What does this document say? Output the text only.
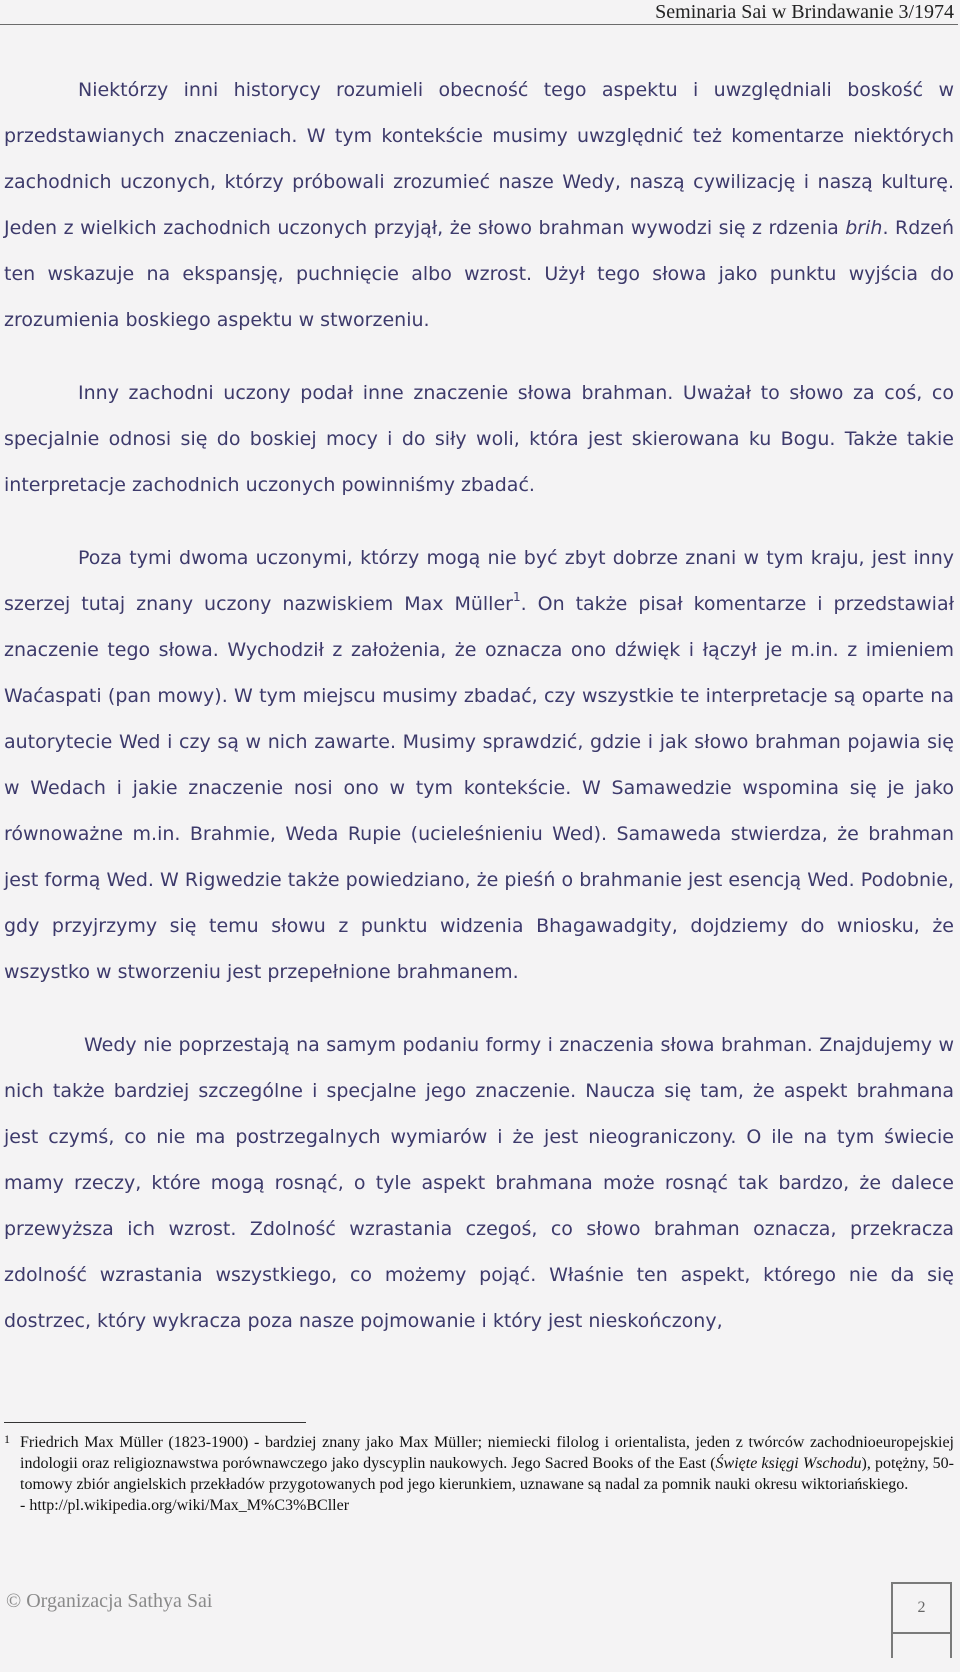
Seminaria Sai w Brindawanie 3/1974

Niektórzy inni historycy rozumieli obecność tego aspektu i uwzględniali boskość w przedstawianych znaczeniach. W tym kontekście musimy uwzględnić też komentarze niektórych zachodnich uczonych, którzy próbowali zrozumieć nasze Wedy, naszą cywilizację i naszą kulturę. Jeden z wielkich zachodnich uczonych przyjął, że słowo brahman wywodzi się z rdzenia brih. Rdzeń ten wskazuje na ekspansję, puchnięcie albo wzrost. Użył tego słowa jako punktu wyjścia do zrozumienia boskiego aspektu w stworzeniu.

Inny zachodni uczony podał inne znaczenie słowa brahman. Uważał to słowo za coś, co specjalnie odnosi się do boskiej mocy i do siły woli, która jest skierowana ku Bogu. Także takie interpretacje zachodnich uczonych powinniśmy zbadać.

Poza tymi dwoma uczonymi, którzy mogą nie być zbyt dobrze znani w tym kraju, jest inny szerzej tutaj znany uczony nazwiskiem Max Müller$^1$. On także pisał komentarze i przedstawiał znaczenie tego słowa. Wychodził z założenia, że oznacza ono dźwięk i łączył je m.in. z imieniem Waćaspati (pan mowy). W tym miejscu musimy zbadać, czy wszystkie te interpretacje są oparte na autorytecie Wed i czy są w nich zawarte. Musimy sprawdzić, gdzie i jak słowo brahman pojawia się w Wedach i jakie znaczenie nosi ono w tym kontekście. W Samawedzie wspomina się je jako równoważne m.in. Brahmie, Weda Rupie (ucieleśnieniu Wed). Samaweda stwierdza, że brahman jest formą Wed. W Rigwedzie także powiedziano, że pieśń o brahmanie jest esencją Wed. Podobnie, gdy przyjrzymy się temu słowu z punktu widzenia Bhagawadgity, dojdziemy do wniosku, że wszystko w stworzeniu jest przepełnione brahmanem.

Wedy nie poprzestają na samym podaniu formy i znaczenia słowa brahman. Znajdujemy w nich także bardziej szczególne i specjalne jego znaczenie. Naucza się tam, że aspekt brahmana jest czymś, co nie ma postrzegalnych wymiarów i że jest nieograniczony. O ile na tym świecie mamy rzeczy, które mogą rosnąć, o tyle aspekt brahmana może rosnąć tak bardzo, że dalece przewyższa ich wzrost. Zdolność wzrastania czegoś, co słowo brahman oznacza, przekracza zdolność wzrastania wszystkiego, co możemy pojąć. Właśnie ten aspekt, którego nie da się dostrzec, który wykracza poza nasze pojmowanie i który jest nieskończony,

1 Friedrich Max Müller (1823-1900) - bardziej znany jako Max Müller; niemiecki filolog i orientalista, jeden z twórców zachodnioeuropejskiej indologii oraz religioznawstwa porównawczego jako dyscyplin naukowych. Jego Sacred Books of the East (Święte księgi Wschodu), potężny, 50-tomowy zbiór angielskich przekładów przygotowanych pod jego kierunkiem, uznawane są nadal za pomnik nauki okresu wiktoriańskiego.
- http://pl.wikipedia.org/wiki/Max_M%C3%BCller
© Organizacja Sathya Sai	2
